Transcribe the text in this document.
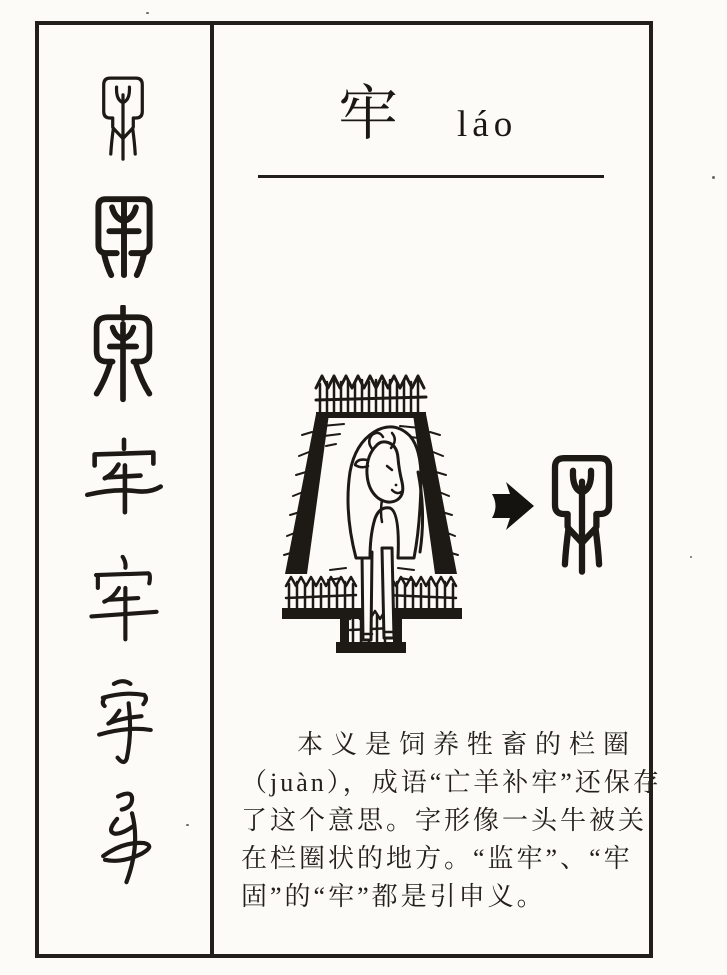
牢 láo
本义是饲养牲畜的栏圈
（juàn），成语“亡羊补牢”还保存
了这个意思。字形像一头牛被关
在栏圈状的地方。“监牢”、“牢
固”的“牢”都是引申义。
